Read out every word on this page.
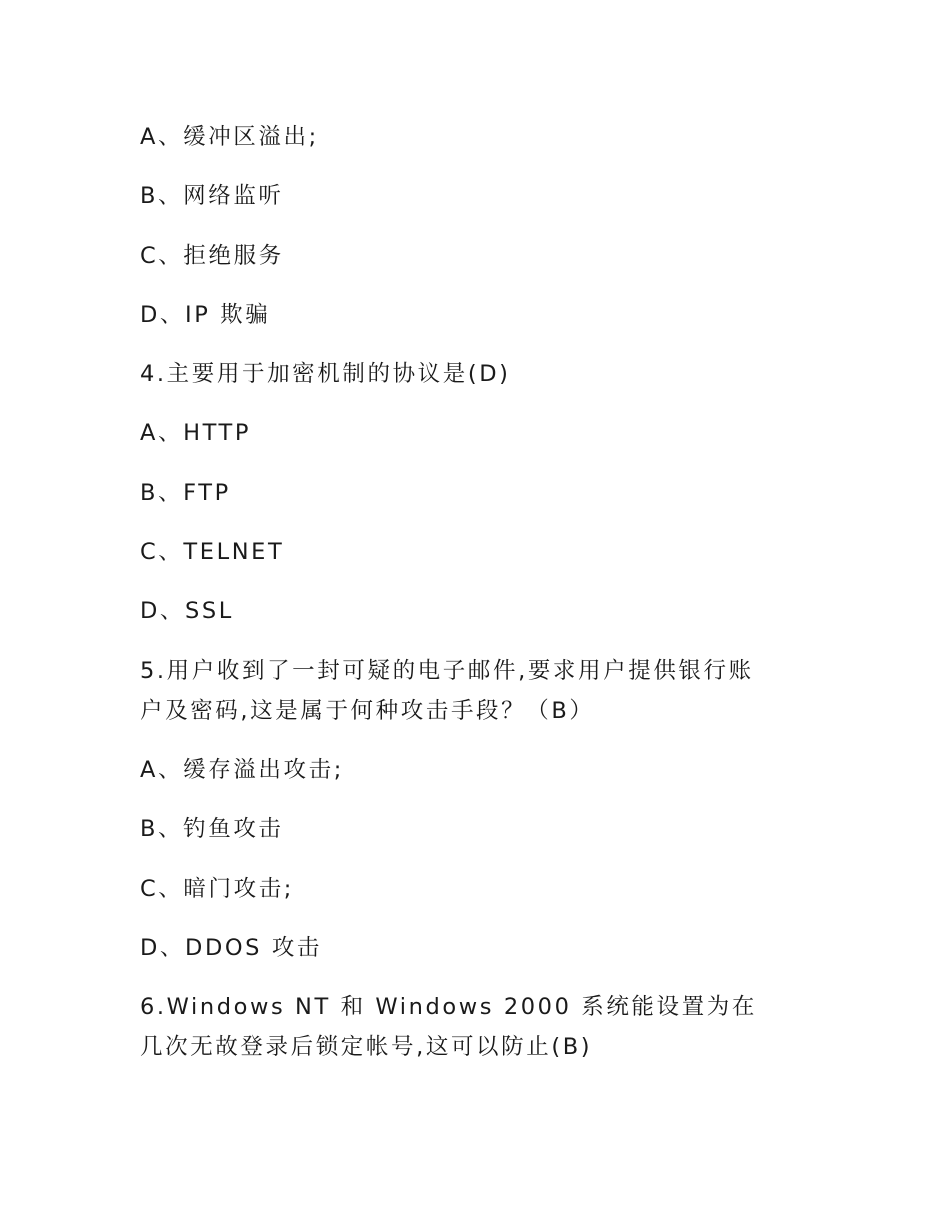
A、缓冲区溢出;

B、网络监听

C、拒绝服务

D、IP 欺骗

4.主要用于加密机制的协议是(D)

A、HTTP

B、FTP

C、TELNET

D、SSL

5.用户收到了一封可疑的电子邮件,要求用户提供银行账
户及密码,这是属于何种攻击手段？（B）

A、缓存溢出攻击;

B、钓鱼攻击

C、暗门攻击;

D、DDOS 攻击

6.Windows NT 和 Windows 2000 系统能设置为在
几次无故登录后锁定帐号,这可以防止(B)
